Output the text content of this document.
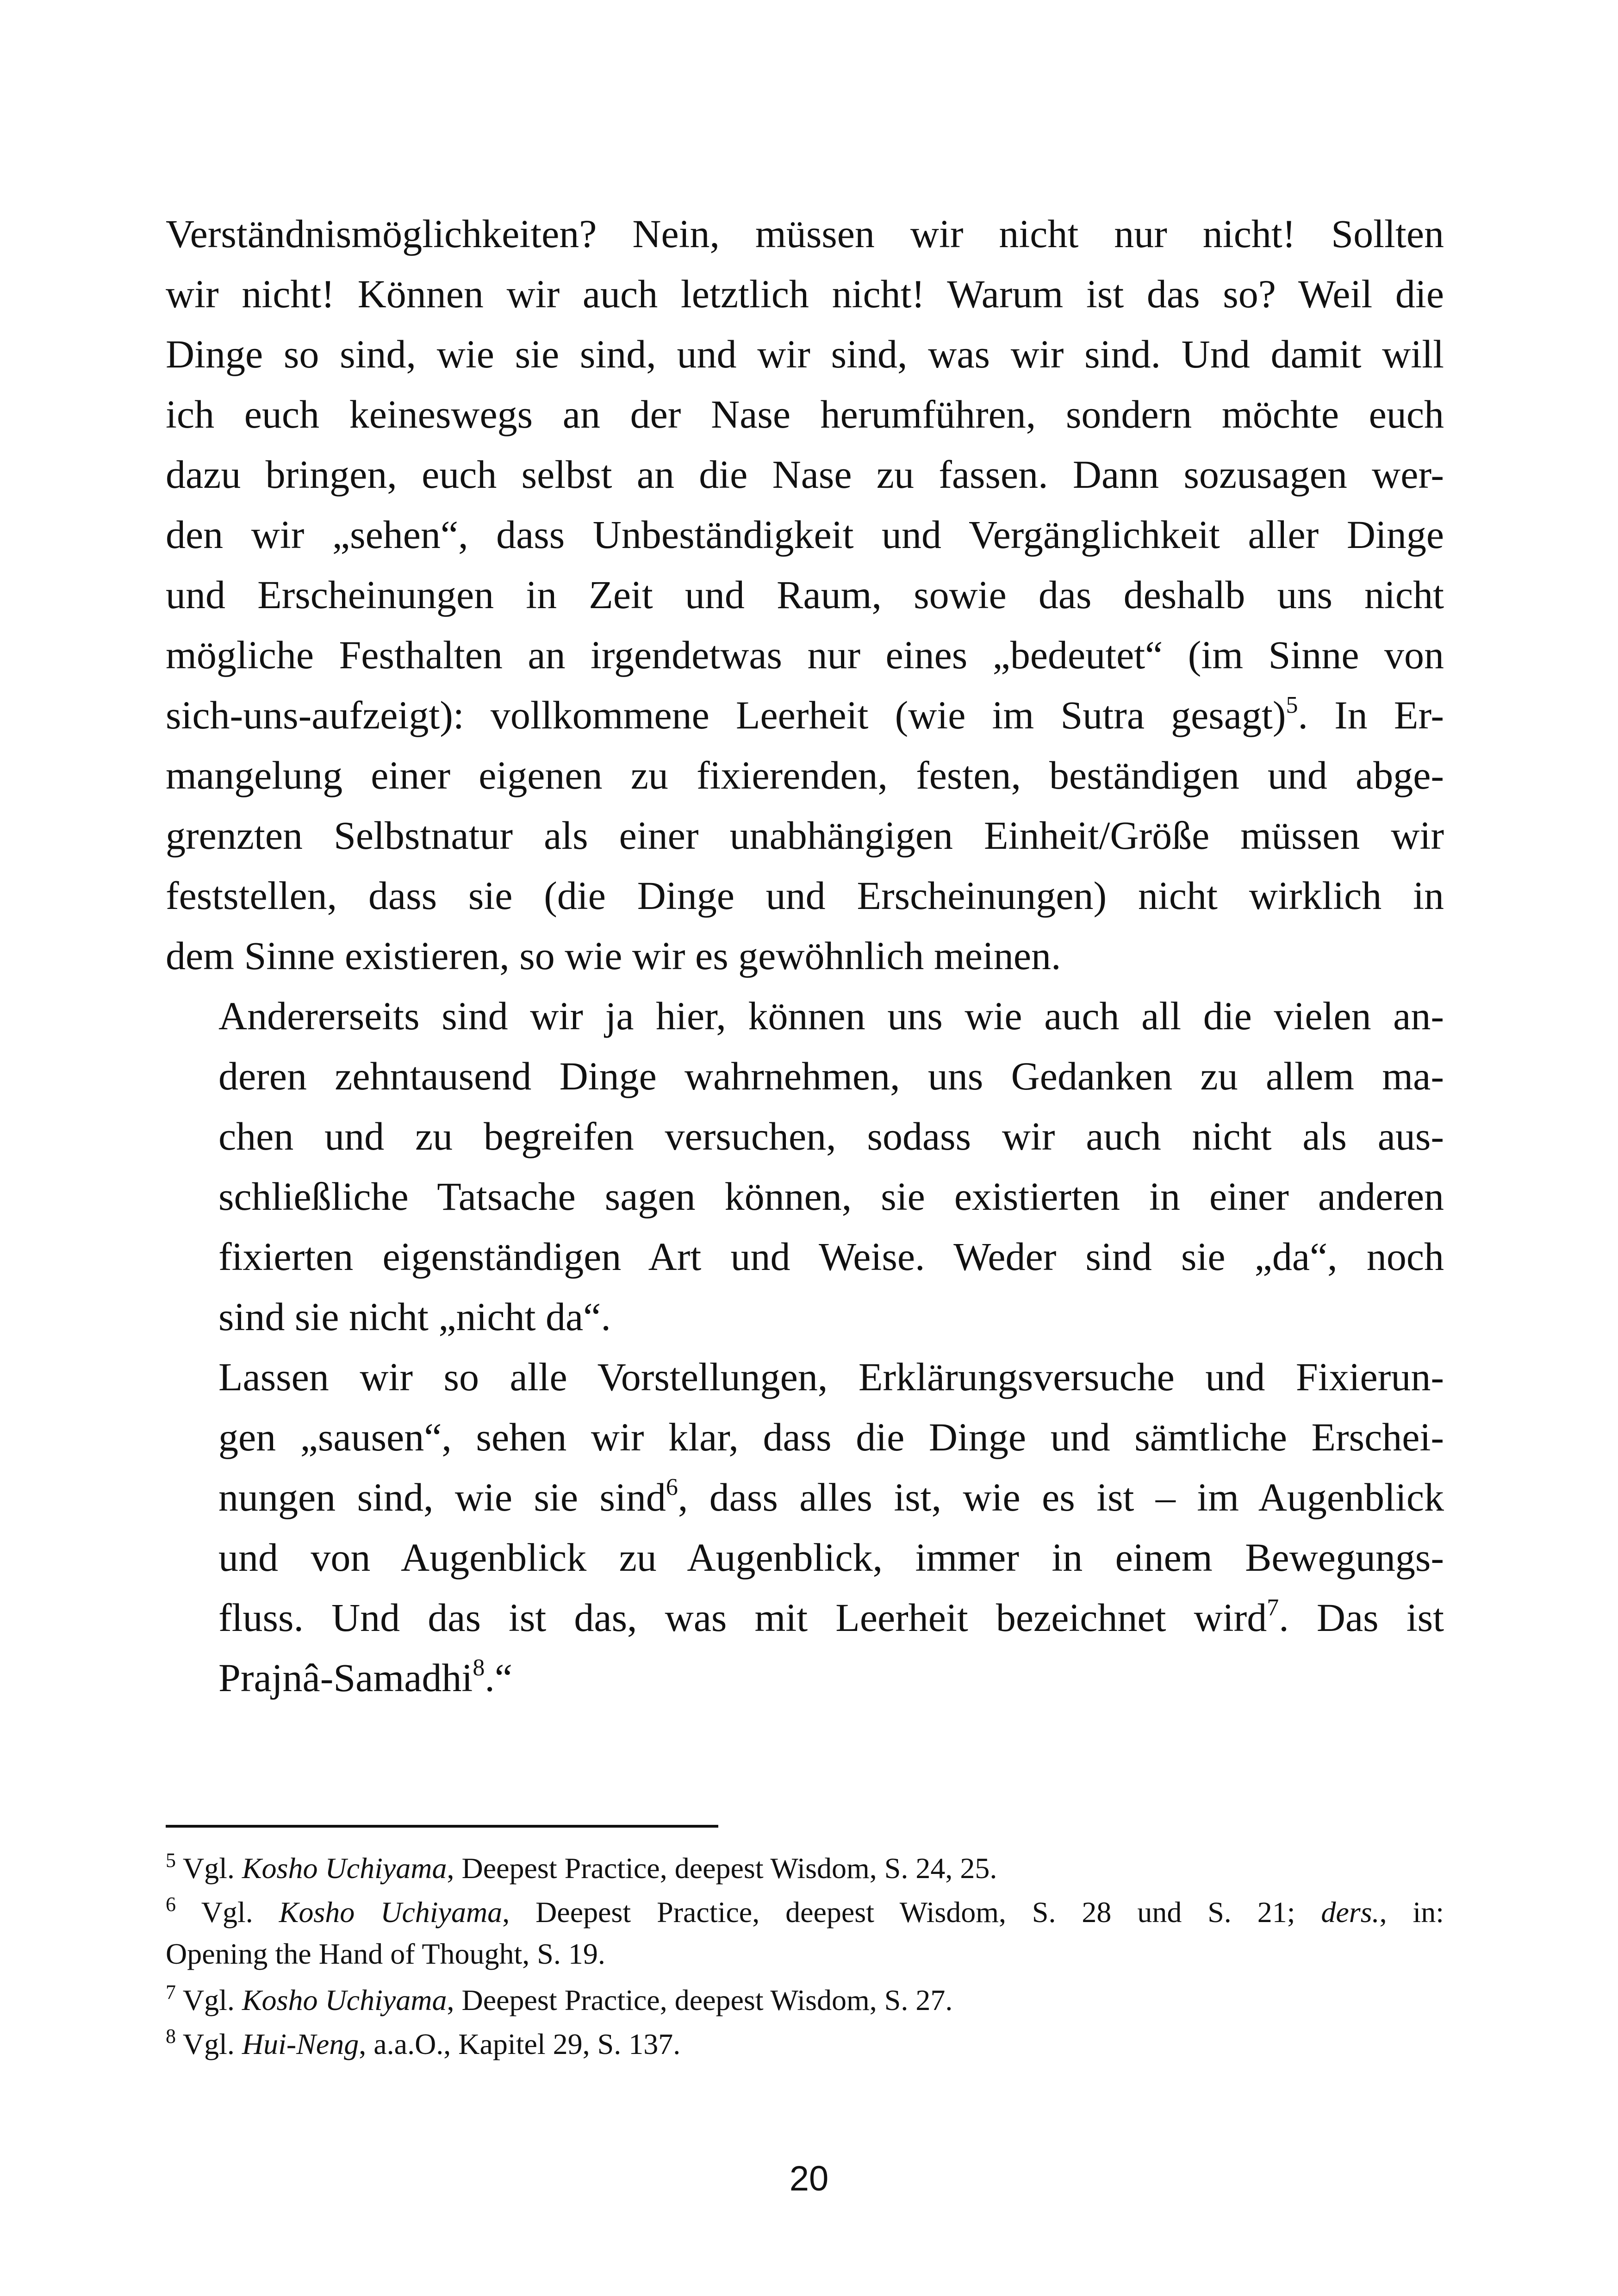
Verständnismöglichkeiten? Nein, müssen wir nicht nur nicht! Sollten
wir nicht! Können wir auch letztlich nicht! Warum ist das so? Weil die
Dinge so sind, wie sie sind, und wir sind, was wir sind. Und damit will
ich euch keineswegs an der Nase herumführen, sondern möchte euch
dazu bringen, euch selbst an die Nase zu fassen. Dann sozusagen wer-
den wir „sehen“, dass Unbeständigkeit und Vergänglichkeit aller Dinge
und Erscheinungen in Zeit und Raum, sowie das deshalb uns nicht
mögliche Festhalten an irgendetwas nur eines „bedeutet“ (im Sinne von
sich-uns-aufzeigt): vollkommene Leerheit (wie im Sutra gesagt)$^5$. In Er-
mangelung einer eigenen zu fixierenden, festen, beständigen und abge-
grenzten Selbstnatur als einer unabhängigen Einheit/Größe müssen wir
feststellen, dass sie (die Dinge und Erscheinungen) nicht wirklich in
dem Sinne existieren, so wie wir es gewöhnlich meinen.
Andererseits sind wir ja hier, können uns wie auch all die vielen an-
deren zehntausend Dinge wahrnehmen, uns Gedanken zu allem ma-
chen und zu begreifen versuchen, sodass wir auch nicht als aus-
schließliche Tatsache sagen können, sie existierten in einer anderen
fixierten eigenständigen Art und Weise. Weder sind sie „da“, noch
sind sie nicht „nicht da“.
Lassen wir so alle Vorstellungen, Erklärungsversuche und Fixierun-
gen „sausen“, sehen wir klar, dass die Dinge und sämtliche Erschei-
nungen sind, wie sie sind$^6$, dass alles ist, wie es ist – im Augenblick
und von Augenblick zu Augenblick, immer in einem Bewegungs-
fluss. Und das ist das, was mit Leerheit bezeichnet wird$^7$. Das ist
Prajnâ-Samadhi$^8$.“
$^5$ Vgl. Kosho Uchiyama, Deepest Practice, deepest Wisdom, S. 24, 25.
$^6$ Vgl. Kosho Uchiyama, Deepest Practice, deepest Wisdom, S. 28 und S. 21; ders., in:
Opening the Hand of Thought, S. 19.
$^7$ Vgl. Kosho Uchiyama, Deepest Practice, deepest Wisdom, S. 27.
$^8$ Vgl. Hui-Neng, a.a.O., Kapitel 29, S. 137.
20
